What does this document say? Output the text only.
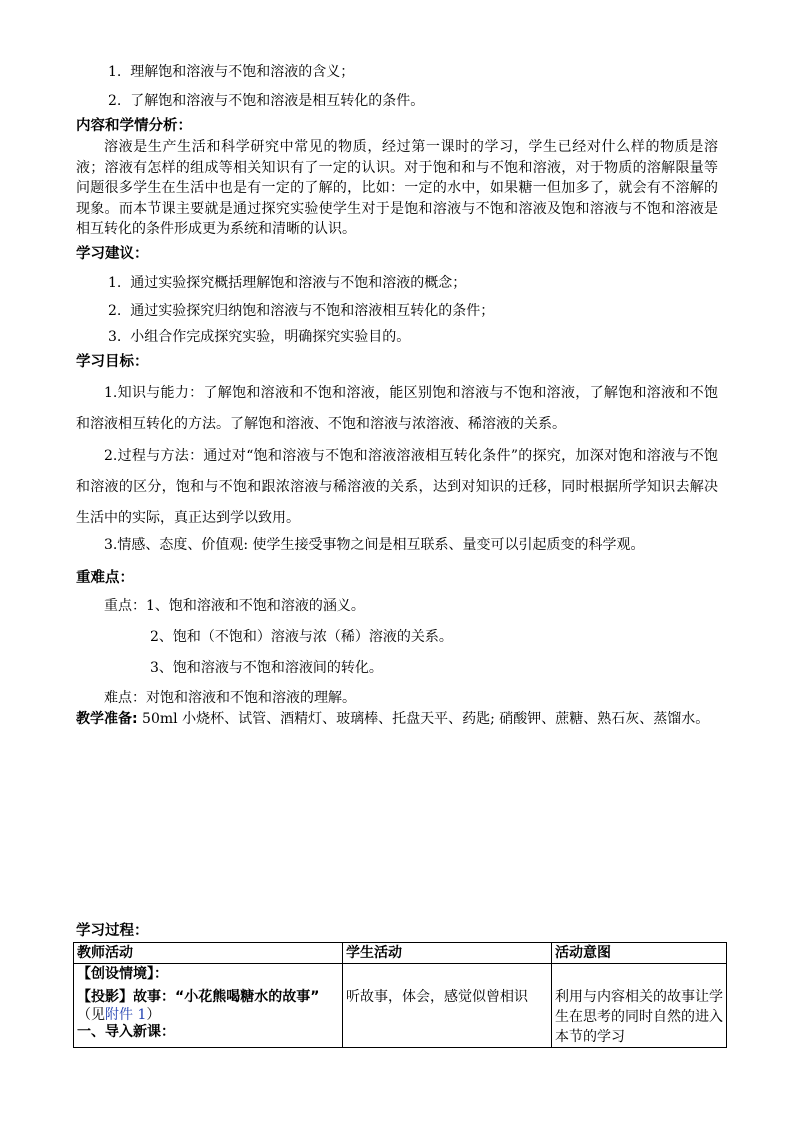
1. 理解饱和溶液与不饱和溶液的含义；
2. 了解饱和溶液与不饱和溶液是相互转化的条件。
内容和学情分析：
溶液是生产生活和科学研究中常见的物质，经过第一课时的学习，学生已经对什么样的物质是溶液；溶液有怎样的组成等相关知识有了一定的认识。对于饱和和与不饱和溶液，对于物质的溶解限量等问题很多学生在生活中也是有一定的了解的，比如：一定的水中，如果糖一但加多了，就会有不溶解的现象。而本节课主要就是通过探究实验使学生对于是饱和溶液与不饱和溶液及饱和溶液与不饱和溶液是相互转化的条件形成更为系统和清晰的认识。
学习建议：
1. 通过实验探究概括理解饱和溶液与不饱和溶液的概念；
2. 通过实验探究归纳饱和溶液与不饱和溶液相互转化的条件；
3. 小组合作完成探究实验，明确探究实验目的。
学习目标：
1.知识与能力：了解饱和溶液和不饱和溶液，能区别饱和溶液与不饱和溶液，了解饱和溶液和不饱和溶液相互转化的方法。了解饱和溶液、不饱和溶液与浓溶液、稀溶液的关系。
2.过程与方法：通过对“饱和溶液与不饱和溶液溶液相互转化条件”的探究，加深对饱和溶液与不饱和溶液的区分，饱和与不饱和跟浓溶液与稀溶液的关系，达到对知识的迁移，同时根据所学知识去解决生活中的实际，真正达到学以致用。
3.情感、态度、价值观: 使学生接受事物之间是相互联系、量变可以引起质变的科学观。
重难点：
重点：1、饱和溶液和不饱和溶液的涵义。
2、饱和（不饱和）溶液与浓（稀）溶液的关系。
3、饱和溶液与不饱和溶液间的转化。
难点：对饱和溶液和不饱和溶液的理解。
教学准备: 50ml 小烧杯、试管、酒精灯、玻璃棒、托盘天平、药匙; 硝酸钾、蔗糖、熟石灰、蒸馏水。
学习过程：
教师活动	学生活动	活动意图

【创设情境】：
【投影】故事：“小花熊喝糖水的故事”
（见附件 1）
一、导入新课：	听故事，体会，感觉似曾相识	利用与内容相关的故事让学生在思考的同时自然的进入本节的学习
